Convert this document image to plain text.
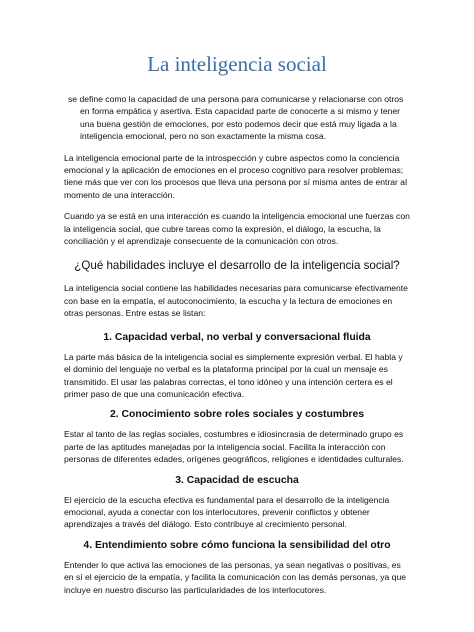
La inteligencia social

se define como la capacidad de una persona para comunicarse y relacionarse con otros en forma empática y asertiva. Esta capacidad parte de conocerte a si mismo y tener una buena gestión de emociones, por esto podemos decir que está muy ligada a la inteligencia emocional, pero no son exactamente la misma cosa.

La inteligencia emocional parte de la introspección y cubre aspectos como la conciencia emocional y la aplicación de emociones en el proceso cognitivo para resolver problemas; tiene más que ver con los procesos que lleva una persona por sí misma antes de entrar al momento de una interacción.

Cuando ya se está en una interacción es cuando la inteligencia emocional une fuerzas con la inteligencia social, que cubre tareas como la expresión, el diálogo, la escucha, la conciliación y el aprendizaje consecuente de la comunicación con otros.

¿Qué habilidades incluye el desarrollo de la inteligencia social?

La inteligencia social contiene las habilidades necesarias para comunicarse efectivamente con base en la empatía, el autoconocimiento, la escucha y la lectura de emociones en otras personas. Entre estas se listan:

1. Capacidad verbal, no verbal y conversacional fluida

La parte más básica de la inteligencia social es simplemente expresión verbal. El habla y el dominio del lenguaje no verbal es la plataforma principal por la cual un mensaje es transmitido. El usar las palabras correctas, el tono idóneo y una intención certera es el primer paso de que una comunicación efectiva.

2. Conocimiento sobre roles sociales y costumbres

Estar al tanto de las reglas sociales, costumbres e idiosincrasia de determinado grupo es parte de las aptitudes manejadas por la inteligencia social. Facilita la interacción con personas de diferentes edades, orígenes geográficos, religiones e identidades culturales.

3. Capacidad de escucha

El ejercicio de la escucha efectiva es fundamental para el desarrollo de la inteligencia emocional, ayuda a conectar con los interlocutores, prevenir conflictos y obtener aprendizajes a través del diálogo. Esto contribuye al crecimiento personal.

4. Entendimiento sobre cómo funciona la sensibilidad del otro

Entender lo que activa las emociones de las personas, ya sean negativas o positivas, es en sí el ejercicio de la empatía, y facilita la comunicación con las demás personas, ya que incluye en nuestro discurso las particularidades de los interlocutores.
